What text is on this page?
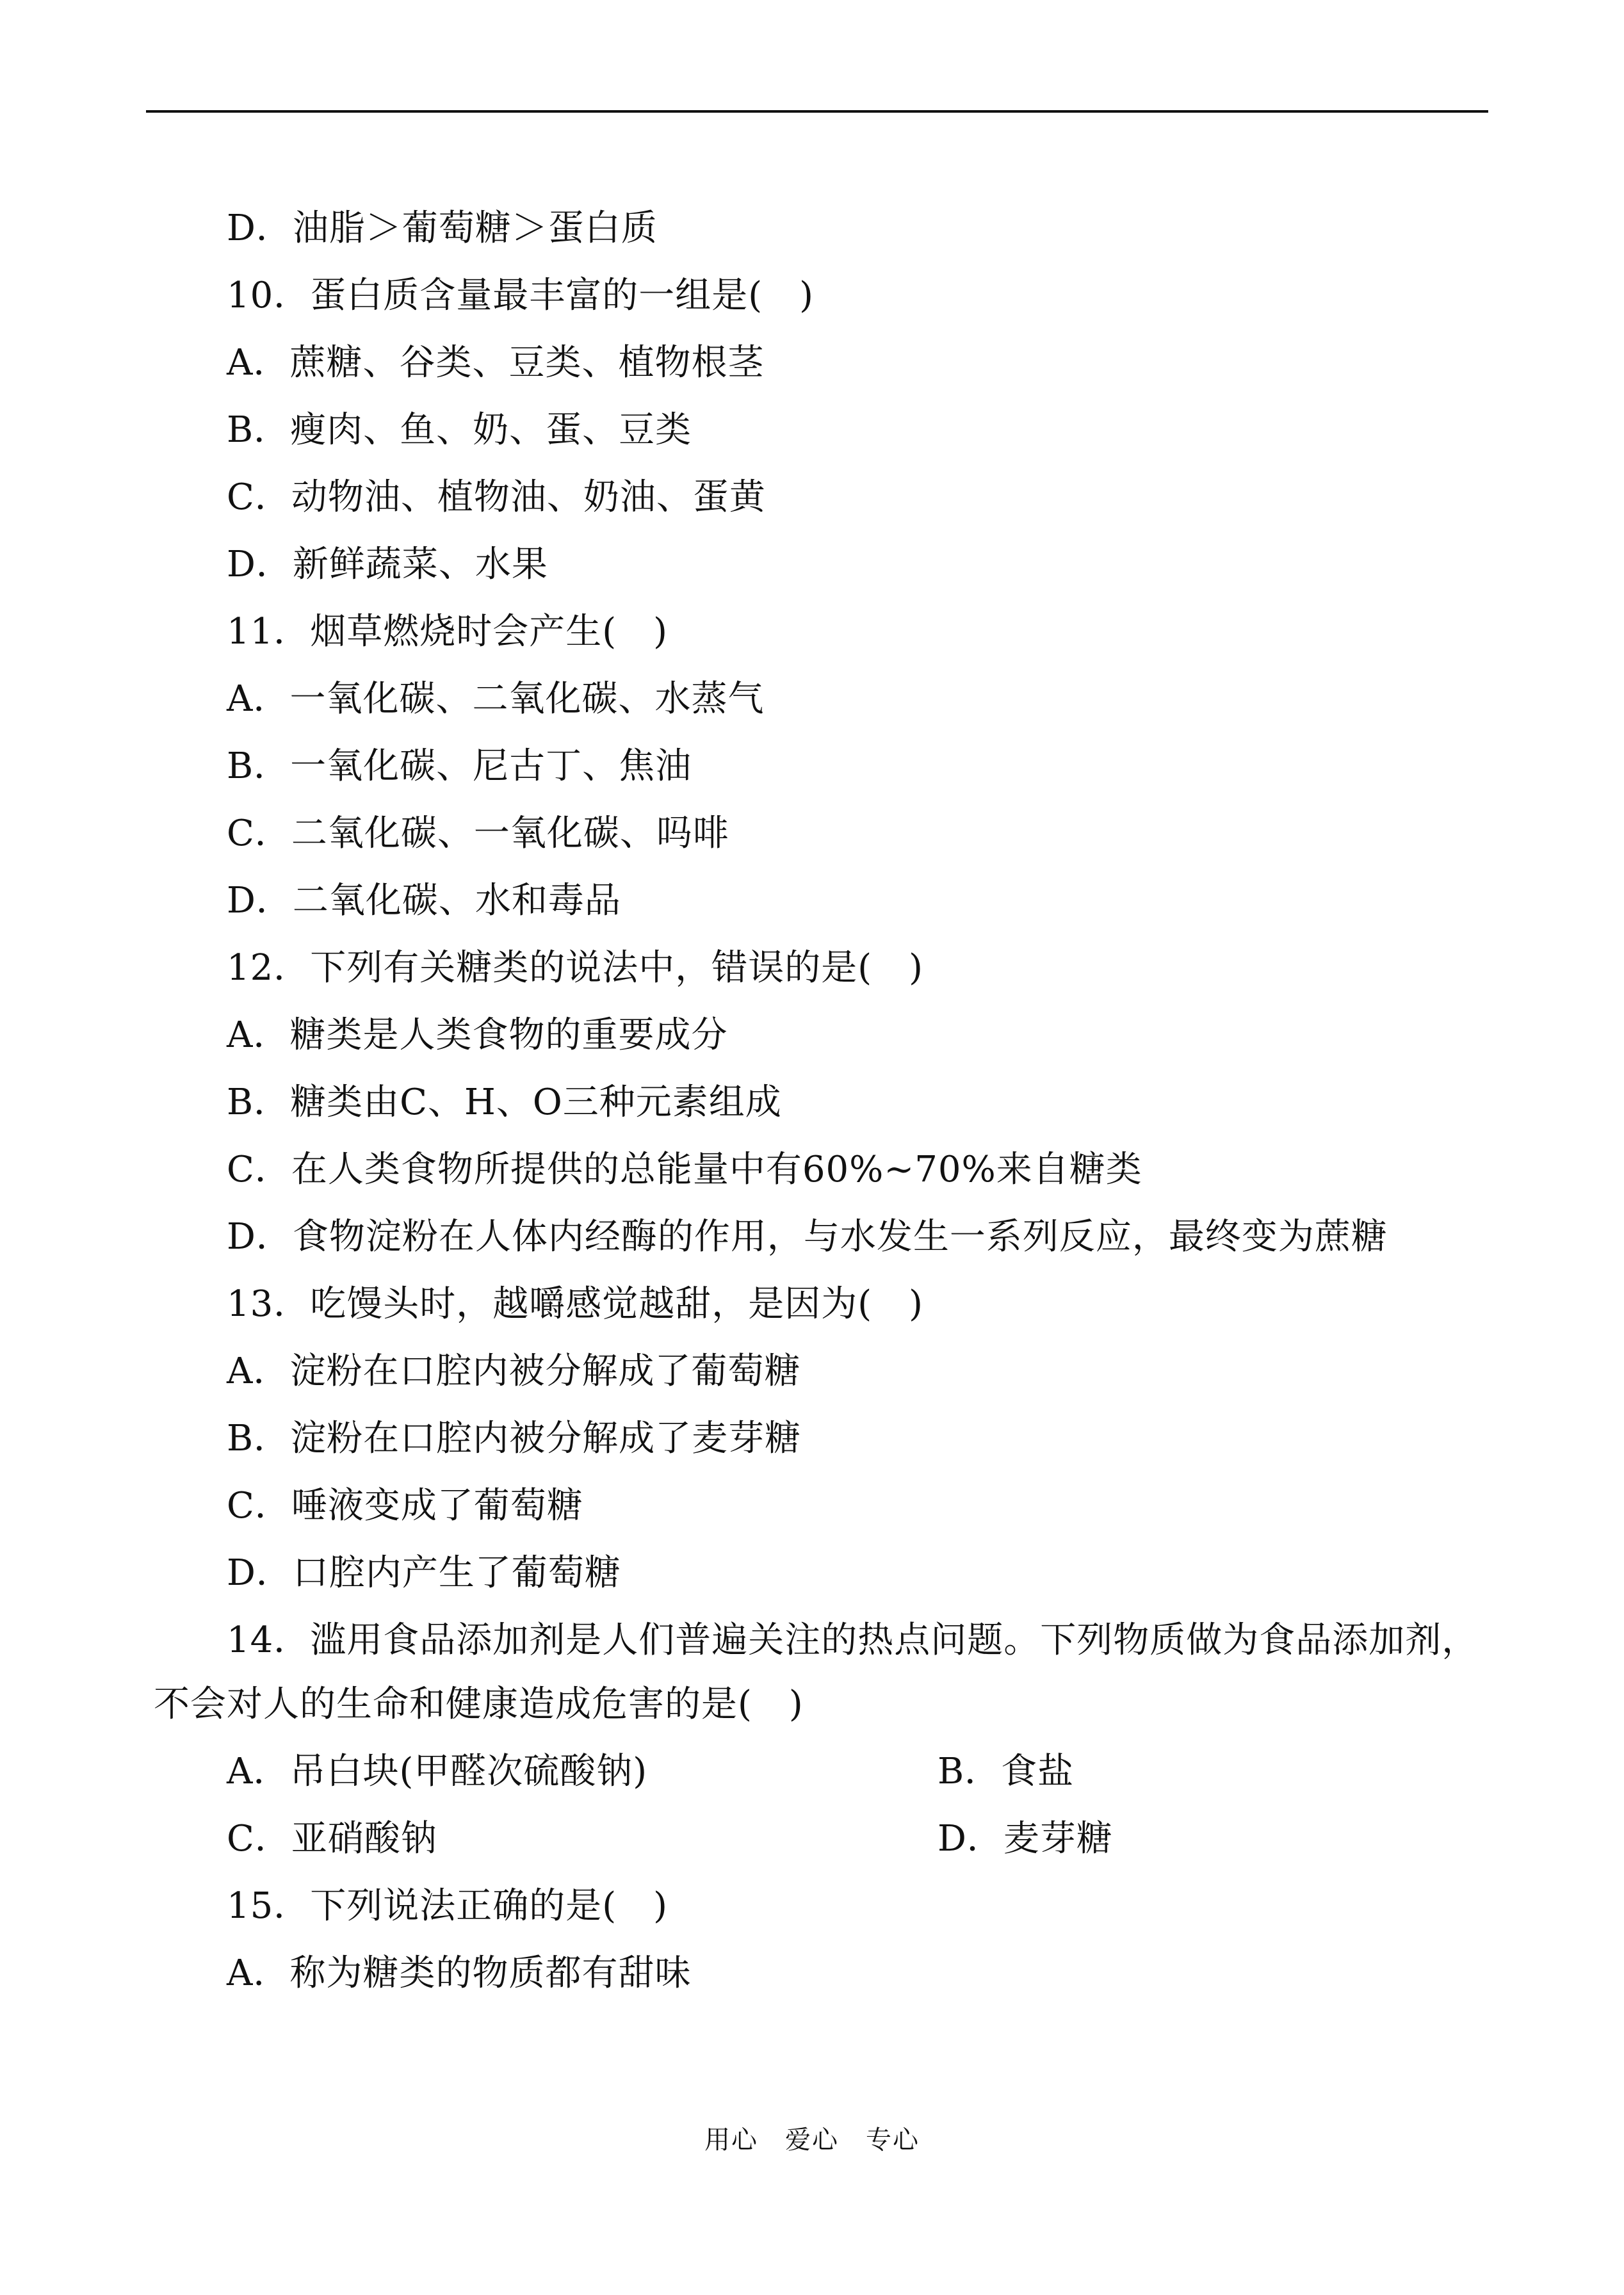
D．油脂＞葡萄糖＞蛋白质
10．蛋白质含量最丰富的一组是(　)
A．蔗糖、谷类、豆类、植物根茎
B．瘦肉、鱼、奶、蛋、豆类
C．动物油、植物油、奶油、蛋黄
D．新鲜蔬菜、水果
11．烟草燃烧时会产生(　)
A．一氧化碳、二氧化碳、水蒸气
B．一氧化碳、尼古丁、焦油
C．二氧化碳、一氧化碳、吗啡
D．二氧化碳、水和毒品
12．下列有关糖类的说法中，错误的是(　)
A．糖类是人类食物的重要成分
B．糖类由C、H、O三种元素组成
C．在人类食物所提供的总能量中有60%~70%来自糖类
D．食物淀粉在人体内经酶的作用，与水发生一系列反应，最终变为蔗糖
13．吃馒头时，越嚼感觉越甜，是因为(　)
A．淀粉在口腔内被分解成了葡萄糖
B．淀粉在口腔内被分解成了麦芽糖
C．唾液变成了葡萄糖
D．口腔内产生了葡萄糖
14．滥用食品添加剂是人们普遍关注的热点问题。下列物质做为食品添加剂，
不会对人的生命和健康造成危害的是(　)
A．吊白块(甲醛次硫酸钠)	B．食盐
C．亚硝酸钠	D．麦芽糖
15．下列说法正确的是(　)
A．称为糖类的物质都有甜味
用心　爱心　专心
